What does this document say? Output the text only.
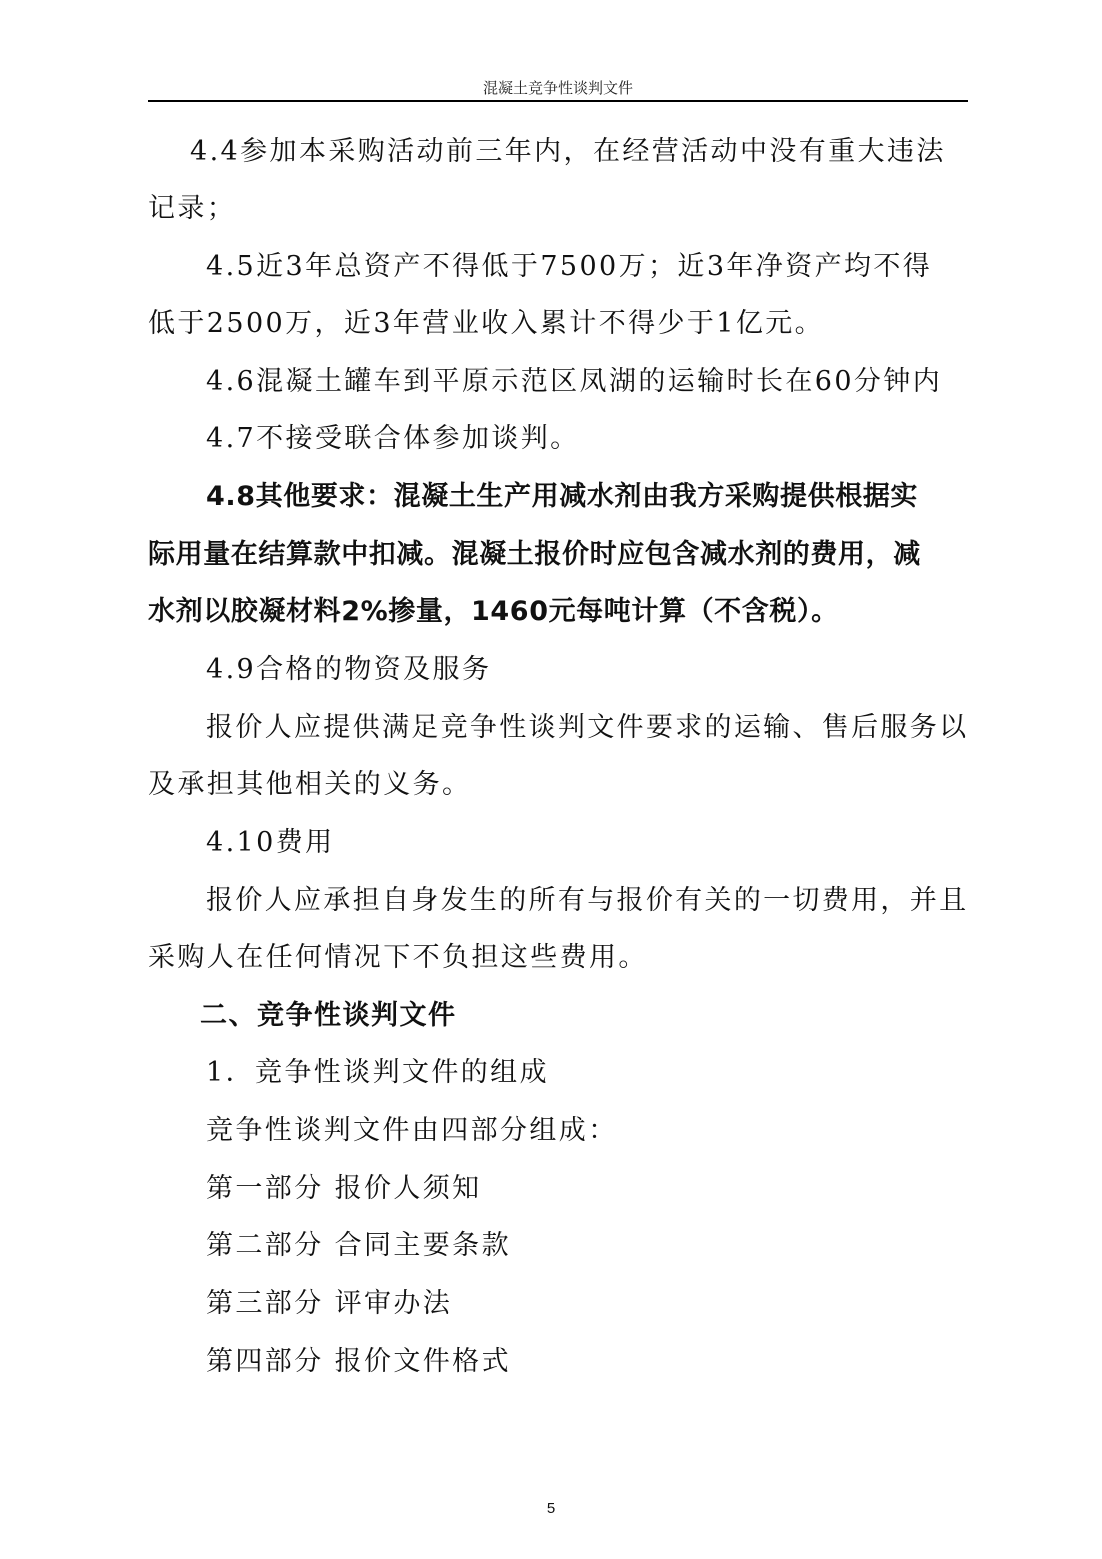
混凝土竞争性谈判文件
4.4参加本采购活动前三年内，在经营活动中没有重大违法
记录；
4.5近3年总资产不得低于7500万；近3年净资产均不得
低于2500万，近3年营业收入累计不得少于1亿元。
4.6混凝土罐车到平原示范区凤湖的运输时长在60分钟内
4.7不接受联合体参加谈判。
4.8其他要求：混凝土生产用减水剂由我方采购提供根据实
际用量在结算款中扣减。混凝土报价时应包含减水剂的费用，减
水剂以胶凝材料2%掺量，1460元每吨计算（不含税）。
4.9合格的物资及服务
报价人应提供满足竞争性谈判文件要求的运输、售后服务以
及承担其他相关的义务。
4.10费用
报价人应承担自身发生的所有与报价有关的一切费用，并且
采购人在任何情况下不负担这些费用。
二、竞争性谈判文件
1．竞争性谈判文件的组成
竞争性谈判文件由四部分组成：
第一部分 报价人须知
第二部分 合同主要条款
第三部分 评审办法
第四部分 报价文件格式
5
